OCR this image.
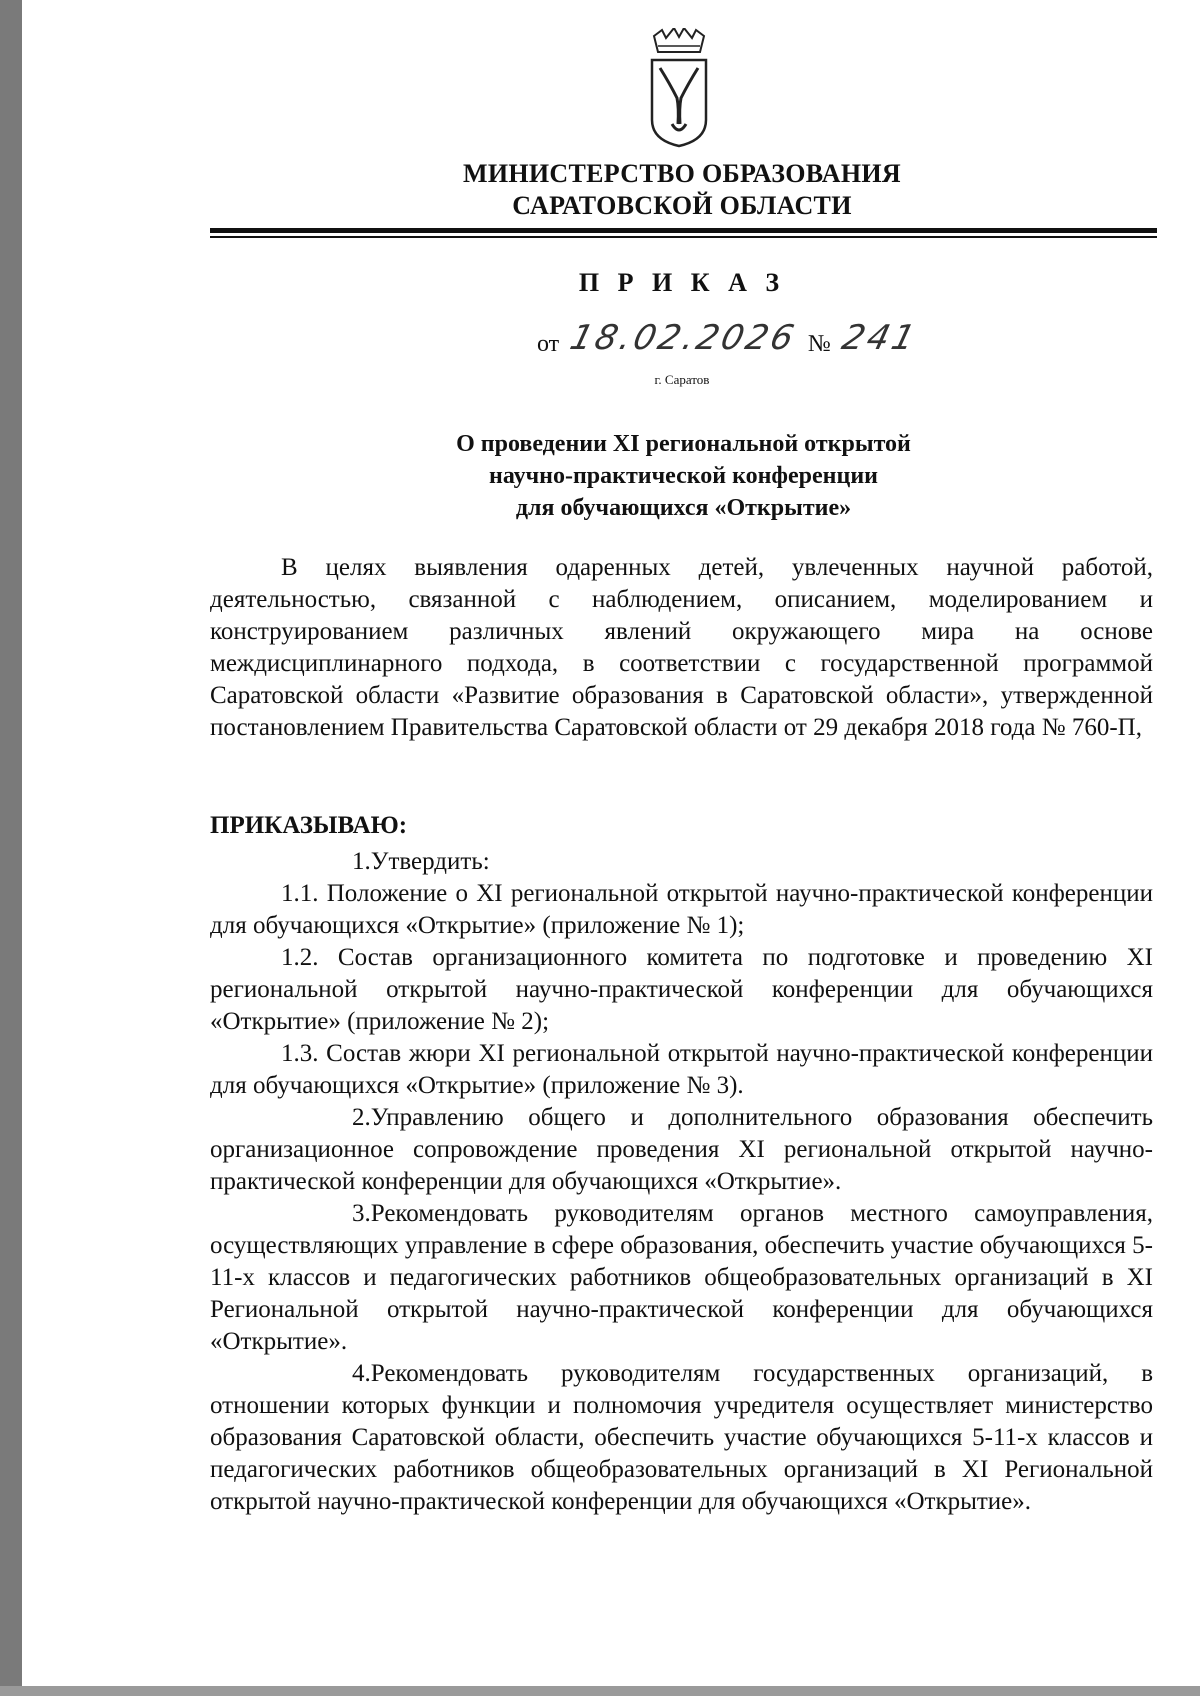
МИНИСТЕРСТВО ОБРАЗОВАНИЯ
САРАТОВСКОЙ ОБЛАСТИ
П Р И К А З
от 18.02.2026 № 241
г. Саратов
О проведении XI региональной открытой
научно-практической конференции
для обучающихся «Открытие»

В целях выявления одаренных детей, увлеченных научной работой, деятельностью, связанной с наблюдением, описанием, моделированием и конструированием различных явлений окружающего мира на основе междисциплинарного подхода, в соответствии с государственной программой Саратовской области «Развитие образования в Саратовской области», утвержденной постановлением Правительства Саратовской области от 29 декабря 2018 года № 760-П,

ПРИКАЗЫВАЮ:

1.Утвердить:

1.1. Положение о XI региональной открытой научно-практической конференции для обучающихся «Открытие» (приложение № 1);

1.2. Состав организационного комитета по подготовке и проведению XI региональной открытой научно-практической конференции для обучающихся «Открытие» (приложение № 2);

1.3. Состав жюри XI региональной открытой научно-практической конференции для обучающихся «Открытие» (приложение № 3).

2.Управлению общего и дополнительного образования обеспечить организационное сопровождение проведения XI региональной открытой научно-практической конференции для обучающихся «Открытие».

3.Рекомендовать руководителям органов местного самоуправления, осуществляющих управление в сфере образования, обеспечить участие обучающихся 5-11-х классов и педагогических работников общеобразовательных организаций в XI Региональной открытой научно-практической конференции для обучающихся «Открытие».

4.Рекомендовать руководителям государственных организаций, в отношении которых функции и полномочия учредителя осуществляет министерство образования Саратовской области, обеспечить участие обучающихся 5-11-х классов и педагогических работников общеобразовательных организаций в XI Региональной открытой научно-практической конференции для обучающихся «Открытие».
